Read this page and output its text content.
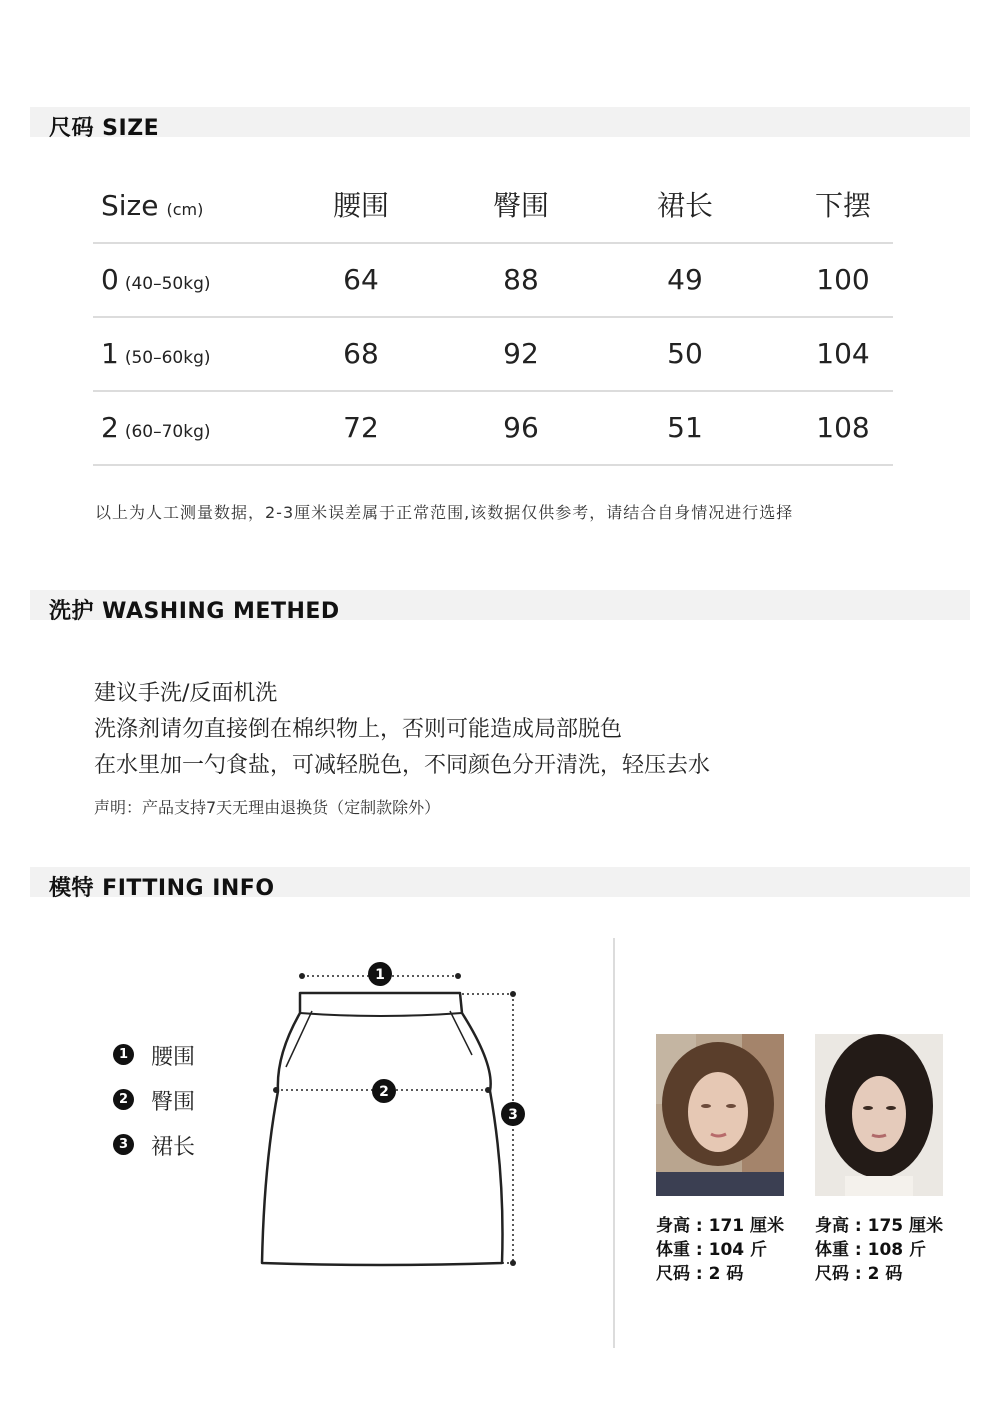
尺码 SIZE
Size (cm)	腰围	臀围	裙长	下摆
0 (40–50kg)	64	88	49	100
1 (50–60kg)	68	92	50	104
2 (60–70kg)	72	96	51	108
以上为人工测量数据，2-3厘米误差属于正常范围,该数据仅供参考，请结合自身情况进行选择
洗护 WASHING METHED
建议手洗/反面机洗
洗涤剂请勿直接倒在棉织物上，否则可能造成局部脱色
在水里加一勺食盐，可减轻脱色，不同颜色分开清洗，轻压去水
声明：产品支持7天无理由退换货（定制款除外）
模特 FITTING INFO
1 腰围
2 臀围
3 裙长
1
2
3
身高 : 171 厘米
体重 : 104 斤
尺码 : 2 码
身高 : 175 厘米
体重 : 108 斤
尺码 : 2 码
